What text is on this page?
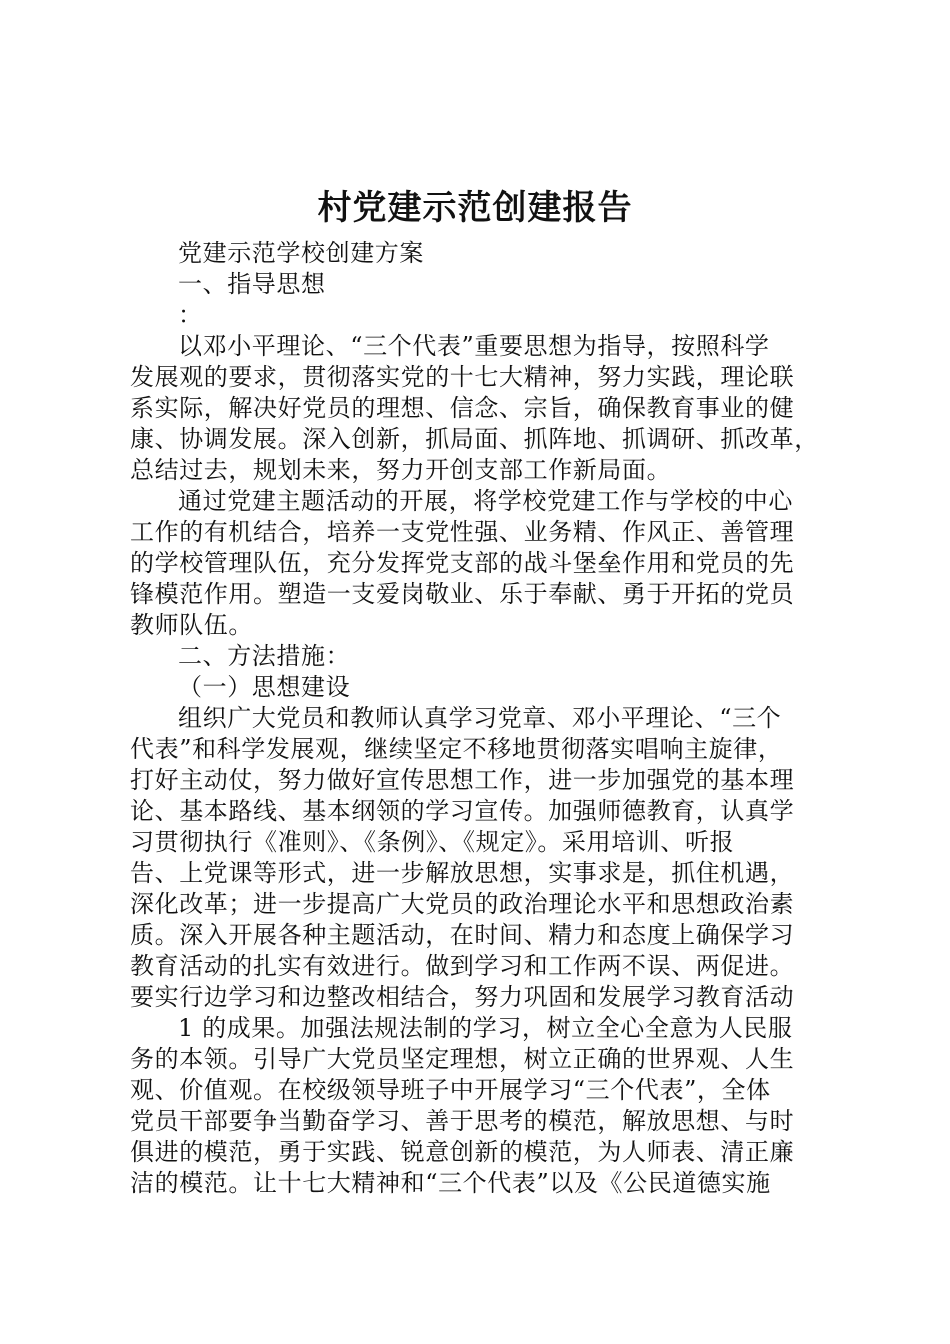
村党建示范创建报告
党建示范学校创建方案
一、指导思想
：
以邓小平理论、“三个代表”重要思想为指导，按照科学
发展观的要求，贯彻落实党的十七大精神，努力实践，理论联
系实际，解决好党员的理想、信念、宗旨，确保教育事业的健
康、协调发展。深入创新，抓局面、抓阵地、抓调研、抓改革，
总结过去，规划未来，努力开创支部工作新局面。
通过党建主题活动的开展，将学校党建工作与学校的中心
工作的有机结合，培养一支党性强、业务精、作风正、善管理
的学校管理队伍，充分发挥党支部的战斗堡垒作用和党员的先
锋模范作用。塑造一支爱岗敬业、乐于奉献、勇于开拓的党员
教师队伍。
二、方法措施：
（一）思想建设
组织广大党员和教师认真学习党章、邓小平理论、“三个
代表”和科学发展观，继续坚定不移地贯彻落实唱响主旋律，
打好主动仗，努力做好宣传思想工作，进一步加强党的基本理
论、基本路线、基本纲领的学习宣传。加强师德教育，认真学
习贯彻执行《准则》、《条例》、《规定》。采用培训、听报
告、上党课等形式，进一步解放思想，实事求是，抓住机遇，
深化改革；进一步提高广大党员的政治理论水平和思想政治素
质。深入开展各种主题活动，在时间、精力和态度上确保学习
教育活动的扎实有效进行。做到学习和工作两不误、两促进。
要实行边学习和边整改相结合，努力巩固和发展学习教育活动
1 的成果。加强法规法制的学习，树立全心全意为人民服
务的本领。引导广大党员坚定理想，树立正确的世界观、人生
观、价值观。在校级领导班子中开展学习“三个代表”，全体
党员干部要争当勤奋学习、善于思考的模范，解放思想、与时
俱进的模范，勇于实践、锐意创新的模范，为人师表、清正廉
洁的模范。让十七大精神和“三个代表”以及《公民道德实施
